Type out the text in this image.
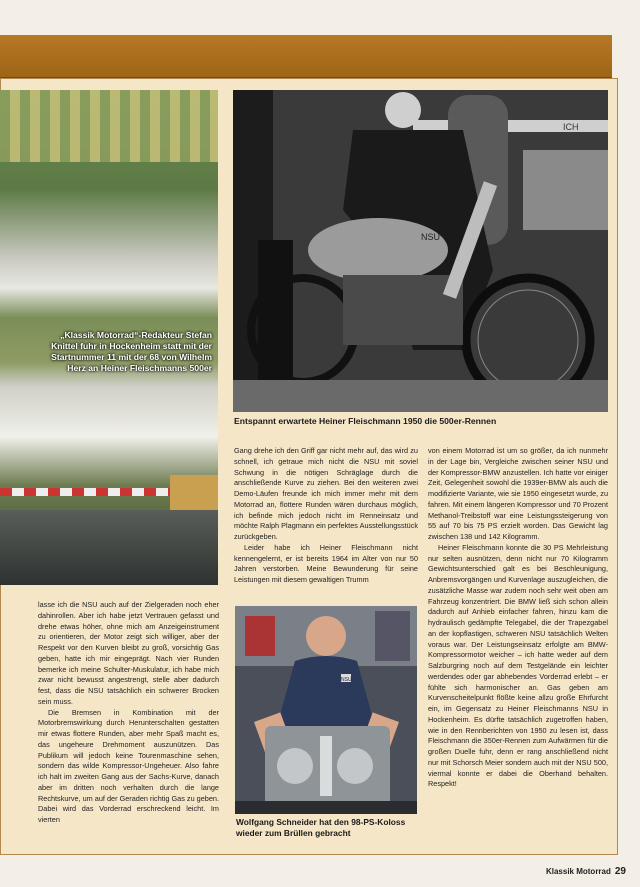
„Klassik Motorrad“-Redakteur Stefan Knittel fuhr in Hockenheim statt mit der Startnummer 11 mit der 68 von Wilhelm Herz an Heiner Fleischmanns 500er
ICH
NSU
Entspannt erwartete Heiner Fleischmann 1950 die 500er-Rennen

lasse ich die NSU auch auf der Zielgeraden noch eher dahinrollen. Aber ich habe jetzt Vertrauen gefasst und drehe etwas höher, ohne mich am Anzeigeinstrument zu orientieren, der Motor zeigt sich williger, aber der Respekt vor den Kurven bleibt zu groß, vorsichtig Gas geben, hatte ich mir eingeprägt. Nach vier Runden bemerke ich meine Schulter-Muskulatur, ich habe mich zwar nicht bewusst angestrengt, stelle aber dadurch fest, dass die NSU tatsächlich ein schwerer Brocken sein muss.

Die Bremsen in Kombination mit der Motorbremswirkung durch Herunterschalten gestatten mir etwas flottere Runden, aber mehr Spaß macht es, das ungeheure Drehmoment auszunützen. Das Publikum will jedoch keine Tourenmaschine sehen, sondern das wilde Kompressor-Ungeheuer. Also fahre ich halt im zweiten Gang aus der Sachs-Kurve, danach aber im dritten noch verhalten durch die lange Rechtskurve, um auf der Geraden richtig Gas zu geben. Dabei wird das Vorderrad erschreckend leicht. Im vierten

Gang drehe ich den Griff gar nicht mehr auf, das wird zu schnell, ich getraue mich nicht die NSU mit soviel Schwung in die nötigen Schräglage durch die anschließende Kurve zu ziehen. Bei den weiteren zwei Demo-Läufen freunde ich mich immer mehr mit dem Motorrad an, flottere Runden wären durchaus möglich, ich befinde mich jedoch nicht im Renneinsatz und möchte Ralph Plagmann ein perfektes Ausstellungsstück zurückgeben.

Leider habe ich Heiner Fleischmann nicht kennengelernt, er ist bereits 1964 im Alter von nur 50 Jahren verstorben. Meine Bewunderung für seine Leistungen mit diesem gewaltigen Trumm

NSU
Wolfgang Schneider hat den 98-PS-Koloss wieder zum Brüllen gebracht

von einem Motorrad ist um so größer, da ich nunmehr in der Lage bin, Vergleiche zwischen seiner NSU und der Kompressor-BMW anzustellen. Ich hatte vor einiger Zeit, Gelegenheit sowohl die 1939er-BMW als auch die modifizierte Variante, wie sie 1950 eingesetzt wurde, zu fahren. Mit einem längeren Kompressor und 70 Prozent Methanol-Treibstoff war eine Leistungssteigerung von 55 auf 70 bis 75 PS erzielt worden. Das Gewicht lag zwischen 138 und 142 Kilogramm.

Heiner Fleischmann konnte die 30 PS Mehrleistung nur selten ausnützen, denn nicht nur 70 Kilogramm Gewichtsunterschied galt es bei Beschleunigung, Anbremsvorgängen und Kurvenlage auszugleichen, die zusätzliche Masse war zudem noch sehr weit oben am Fahrzeug konzentriert. Die BMW ließ sich schon allein dadurch auf Anhieb einfacher fahren, hinzu kam die hydraulisch gedämpfte Telegabel, die der Trapezgabel an der kopflastigen, schweren NSU tatsächlich Welten voraus war. Der Leistungseinsatz erfolgte am BMW-Kompressormotor weicher – ich hatte weder auf dem Salzburgring noch auf dem Testgelände ein leichter werdendes oder gar abhebendes Vorderrad erlebt – er fühlte sich harmonischer an. Gas geben am Kurvenscheitelpunkt flößte keine allzu große Ehrfurcht ein, im Gegensatz zu Heiner Fleischmanns NSU in Hockenheim. Es dürfte tatsächlich zugetroffen haben, wie in den Rennberichten von 1950 zu lesen ist, dass Fleischmann die 350er-Rennen zum Aufwärmen für die großen Duelle fuhr, denn er rang anschließend nicht nur mit Schorsch Meier sondern auch mit der NSU 500, viermal konnte er dabei die Oberhand behalten. Respekt!

Klassik Motorrad 29
